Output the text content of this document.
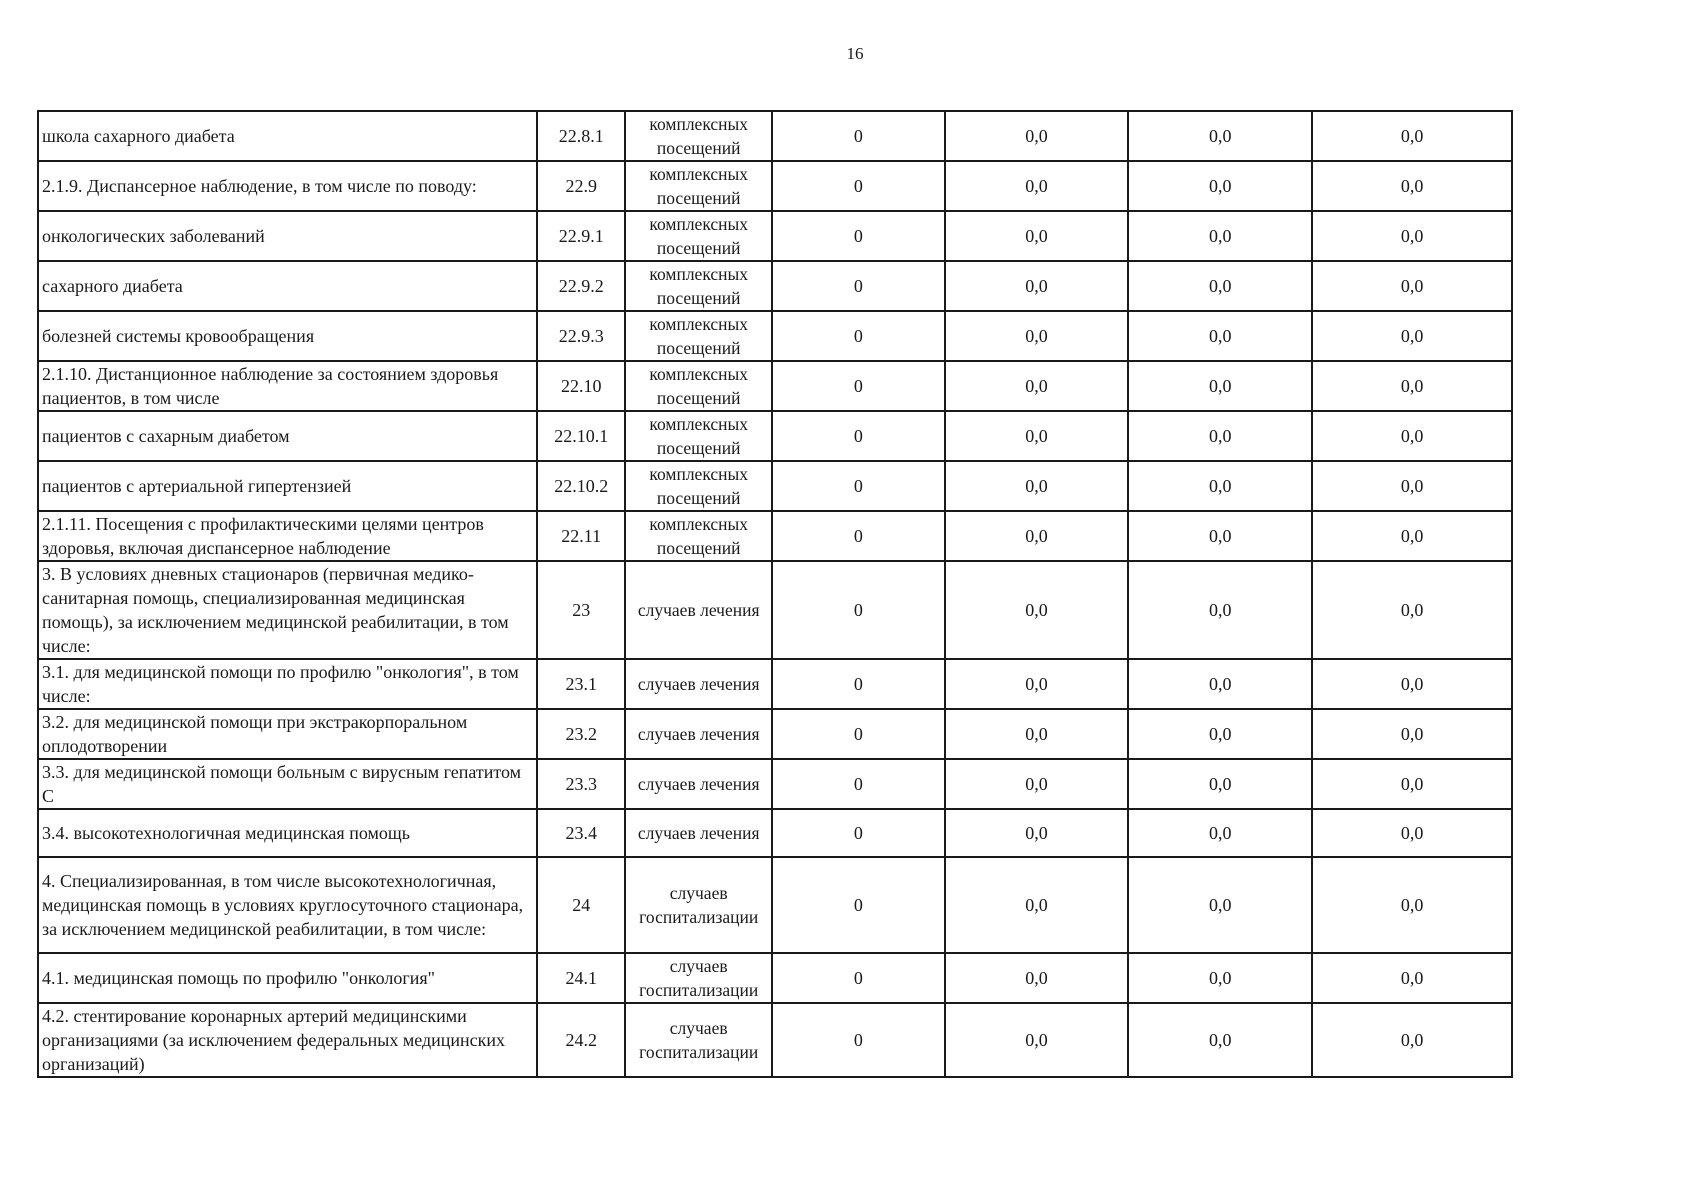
16
школа сахарного диабета	22.8.1	комплексных посещений	0	0,0	0,0	0,0
2.1.9. Диспансерное наблюдение, в том числе по поводу:	22.9	комплексных посещений	0	0,0	0,0	0,0
онкологических заболеваний	22.9.1	комплексных посещений	0	0,0	0,0	0,0
сахарного диабета	22.9.2	комплексных посещений	0	0,0	0,0	0,0
болезней системы кровообращения	22.9.3	комплексных посещений	0	0,0	0,0	0,0
2.1.10. Дистанционное наблюдение за состоянием здоровья пациентов, в том числе	22.10	комплексных посещений	0	0,0	0,0	0,0
пациентов с сахарным диабетом	22.10.1	комплексных посещений	0	0,0	0,0	0,0
пациентов с артериальной гипертензией	22.10.2	комплексных посещений	0	0,0	0,0	0,0
2.1.11. Посещения с профилактическими целями центров здоровья, включая диспансерное наблюдение	22.11	комплексных посещений	0	0,0	0,0	0,0
3. В условиях дневных стационаров (первичная медико-санитарная помощь, специализированная медицинская помощь), за исключением медицинской реабилитации, в том числе:	23	случаев лечения	0	0,0	0,0	0,0
3.1. для медицинской помощи по профилю "онкология", в том числе:	23.1	случаев лечения	0	0,0	0,0	0,0
3.2. для медицинской помощи при экстракорпоральном оплодотворении	23.2	случаев лечения	0	0,0	0,0	0,0
3.3. для медицинской помощи больным с вирусным гепатитом С	23.3	случаев лечения	0	0,0	0,0	0,0
3.4. высокотехнологичная медицинская помощь	23.4	случаев лечения	0	0,0	0,0	0,0
4. Специализированная, в том числе высокотехнологичная, медицинская помощь в условиях круглосуточного стационара, за исключением медицинской реабилитации, в том числе:	24	случаев госпитализации	0	0,0	0,0	0,0
4.1. медицинская помощь по профилю "онкология"	24.1	случаев госпитализации	0	0,0	0,0	0,0
4.2. стентирование коронарных артерий медицинскими организациями (за исключением федеральных медицинских организаций)	24.2	случаев госпитализации	0	0,0	0,0	0,0
